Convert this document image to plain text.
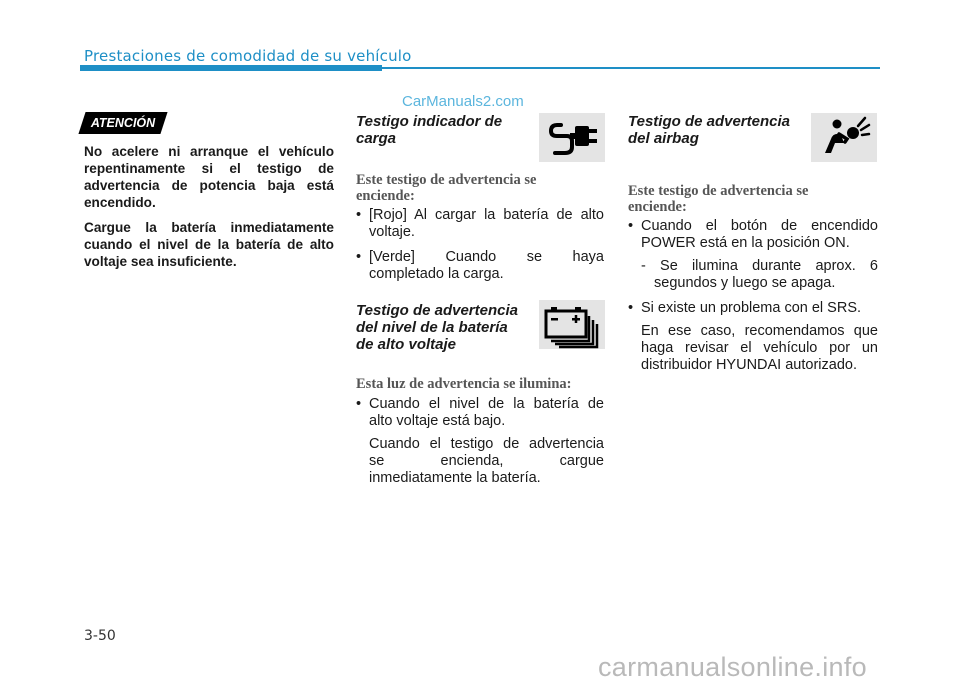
Prestaciones de comodidad de su vehículo
CarManuals2.com
ATENCIÓN

No acelere ni arranque el vehículo repentinamente si el testigo de advertencia de potencia baja está encendido.

Cargue la batería inmediatamente cuando el nivel de la batería de alto voltaje sea insuficiente.

Testigo indicador de
carga
Este testigo de advertencia se
enciende:
• [Rojo] Al cargar la batería de alto
voltaje.
• [Verde] Cuando se haya
completado la carga.
Testigo de advertencia
del nivel de la batería
de alto voltaje
Esta luz de advertencia se ilumina:
• Cuando el nivel de la batería de
alto voltaje está bajo.
Cuando el testigo de advertencia
se encienda, cargue
inmediatamente la batería.
Testigo de advertencia
del airbag
Este testigo de advertencia se
enciende:
• Cuando el botón de encendido
POWER está en la posición ON.
- Se ilumina durante aprox. 6
segundos y luego se apaga.
• Si existe un problema con el SRS.
En ese caso, recomendamos que
haga revisar el vehículo por un
distribuidor HYUNDAI autorizado.
3-50
carmanualsonline.info
